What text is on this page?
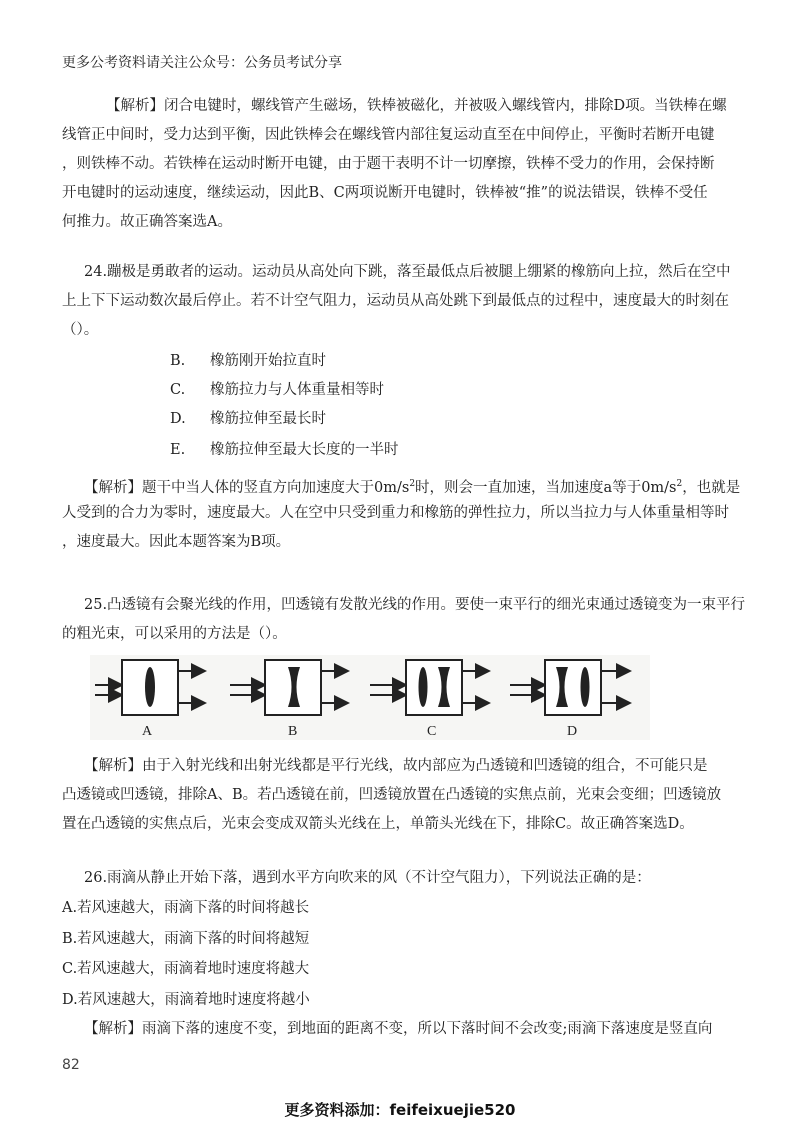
更多公考资料请关注公众号：公务员考试分享
【解析】闭合电键时，螺线管产生磁场，铁棒被磁化，并被吸入螺线管内，排除D项。当铁棒在螺
线管正中间时，受力达到平衡，因此铁棒会在螺线管内部往复运动直至在中间停止，平衡时若断开电键
，则铁棒不动。若铁棒在运动时断开电键，由于题干表明不计一切摩擦，铁棒不受力的作用，会保持断
开电键时的运动速度，继续运动，因此B、C两项说断开电键时，铁棒被“推”的说法错误，铁棒不受任
何推力。故正确答案选A。
24.蹦极是勇敢者的运动。运动员从高处向下跳，落至最低点后被腿上绷紧的橡筋向上拉，然后在空中
上上下下运动数次最后停止。若不计空气阻力，运动员从高处跳下到最低点的过程中，速度最大的时刻在
（）。
B. 橡筋刚开始拉直时
C. 橡筋拉力与人体重量相等时
D. 橡筋拉伸至最长时
E. 橡筋拉伸至最大长度的一半时
【解析】题干中当人体的竖直方向加速度大于$0m/s^2$时，则会一直加速，当加速度a等于$0m/s^2$，也就是
人受到的合力为零时，速度最大。人在空中只受到重力和橡筋的弹性拉力，所以当拉力与人体重量相等时
，速度最大。因此本题答案为B项。
25.凸透镜有会聚光线的作用，凹透镜有发散光线的作用。要使一束平行的细光束通过透镜变为一束平行
的粗光束，可以采用的方法是（）。
A	B	C	D
【解析】由于入射光线和出射光线都是平行光线，故内部应为凸透镜和凹透镜的组合，不可能只是
凸透镜或凹透镜，排除A、B。若凸透镜在前，凹透镜放置在凸透镜的实焦点前，光束会变细；凹透镜放
置在凸透镜的实焦点后，光束会变成双箭头光线在上，单箭头光线在下，排除C。故正确答案选D。
26.雨滴从静止开始下落，遇到水平方向吹来的风（不计空气阻力），下列说法正确的是：
A.若风速越大，雨滴下落的时间将越长
B.若风速越大，雨滴下落的时间将越短
C.若风速越大，雨滴着地时速度将越大
D.若风速越大，雨滴着地时速度将越小
【解析】雨滴下落的速度不变，到地面的距离不变，所以下落时间不会改变;雨滴下落速度是竖直向
82
更多资料添加：feifeixuejie520
